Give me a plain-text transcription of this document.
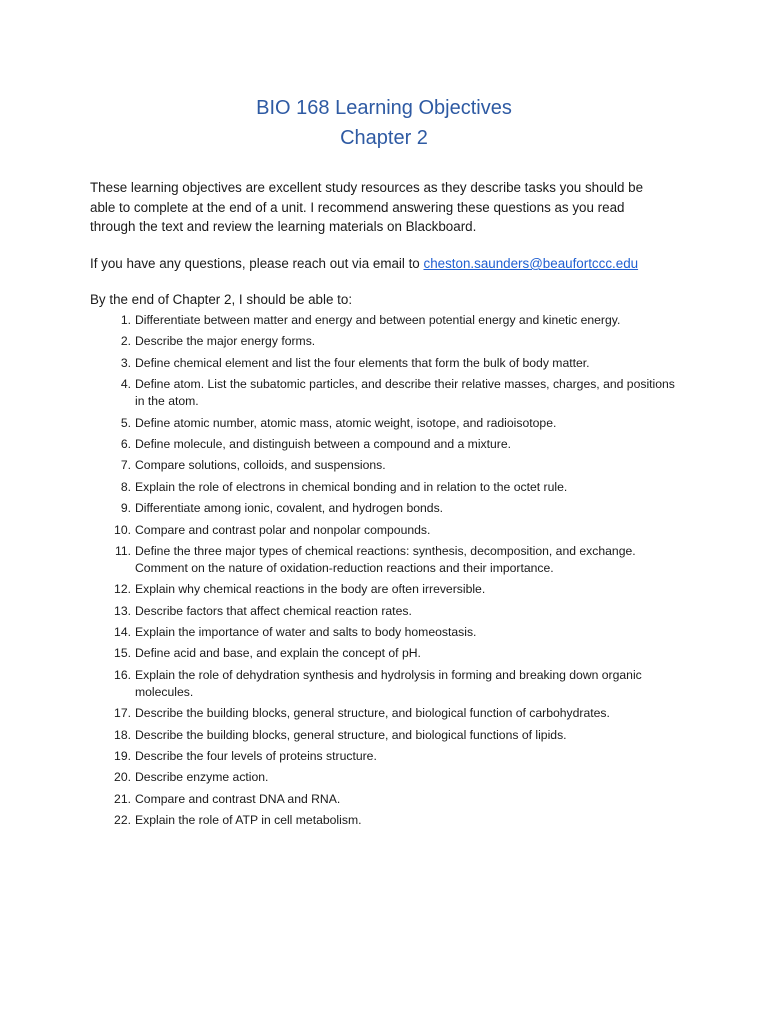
BIO 168 Learning Objectives
Chapter 2

These learning objectives are excellent study resources as they describe tasks you should be able to complete at the end of a unit. I recommend answering these questions as you read through the text and review the learning materials on Blackboard.

If you have any questions, please reach out via email to cheston.saunders@beaufortccc.edu

By the end of Chapter 2, I should be able to:

1. Differentiate between matter and energy and between potential energy and kinetic energy.
2. Describe the major energy forms.
3. Define chemical element and list the four elements that form the bulk of body matter.
4. Define atom. List the subatomic particles, and describe their relative masses, charges, and positions in the atom.
5. Define atomic number, atomic mass, atomic weight, isotope, and radioisotope.
6. Define molecule, and distinguish between a compound and a mixture.
7. Compare solutions, colloids, and suspensions.
8. Explain the role of electrons in chemical bonding and in relation to the octet rule.
9. Differentiate among ionic, covalent, and hydrogen bonds.
10. Compare and contrast polar and nonpolar compounds.
11. Define the three major types of chemical reactions: synthesis, decomposition, and exchange. Comment on the nature of oxidation-reduction reactions and their importance.
12. Explain why chemical reactions in the body are often irreversible.
13. Describe factors that affect chemical reaction rates.
14. Explain the importance of water and salts to body homeostasis.
15. Define acid and base, and explain the concept of pH.
16. Explain the role of dehydration synthesis and hydrolysis in forming and breaking down organic molecules.
17. Describe the building blocks, general structure, and biological function of carbohydrates.
18. Describe the building blocks, general structure, and biological functions of lipids.
19. Describe the four levels of proteins structure.
20. Describe enzyme action.
21. Compare and contrast DNA and RNA.
22. Explain the role of ATP in cell metabolism.
